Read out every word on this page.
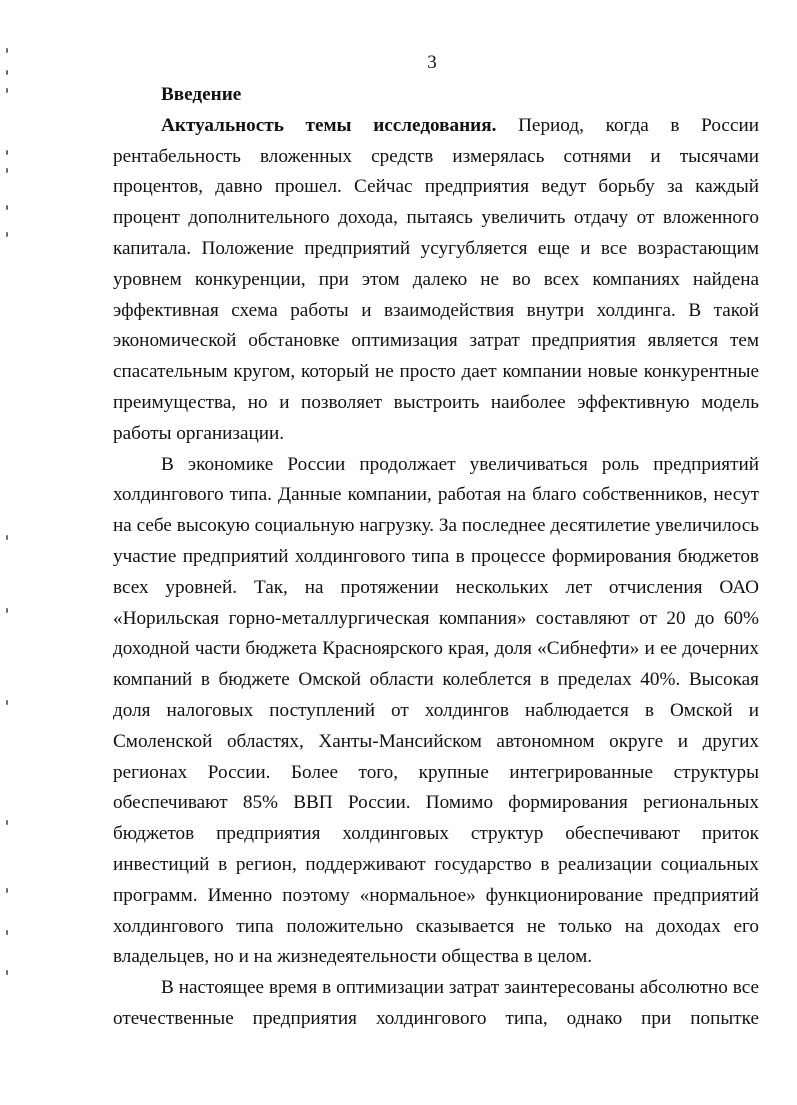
3

Введение

Актуальность темы исследования. Период, когда в России рентабельность вложенных средств измерялась сотнями и тысячами процентов, давно прошел. Сейчас предприятия ведут борьбу за каждый процент дополнительного дохода, пытаясь увеличить отдачу от вложенного капитала. Положение предприятий усугубляется еще и все возрастающим уровнем конкуренции, при этом далеко не во всех компаниях найдена эффективная схема работы и взаимодействия внутри холдинга. В такой экономической обстановке оптимизация затрат предприятия является тем спасательным кругом, который не просто дает компании новые конкурентные преимущества, но и позволяет выстроить наиболее эффективную модель работы организации.

В экономике России продолжает увеличиваться роль предприятий холдингового типа. Данные компании, работая на благо собственников, несут на себе высокую социальную нагрузку. За последнее десятилетие увеличилось участие предприятий холдингового типа в процессе формирования бюджетов всех уровней. Так, на протяжении нескольких лет отчисления ОАО «Норильская горно-металлургическая компания» составляют от 20 до 60% доходной части бюджета Красноярского края, доля «Сибнефти» и ее дочерних компаний в бюджете Омской области колеблется в пределах 40%. Высокая доля налоговых поступлений от холдингов наблюдается в Омской и Смоленской областях, Ханты-Мансийском автономном округе и других регионах России. Более того, крупные интегрированные структуры обеспечивают 85% ВВП России. Помимо формирования региональных бюджетов предприятия холдинговых структур обеспечивают приток инвестиций в регион, поддерживают государство в реализации социальных программ. Именно поэтому «нормальное» функционирование предприятий холдингового типа положительно сказывается не только на доходах его владельцев, но и на жизнедеятельности общества в целом.

В настоящее время в оптимизации затрат заинтересованы абсолютно все отечественные предприятия холдингового типа, однако при попытке
